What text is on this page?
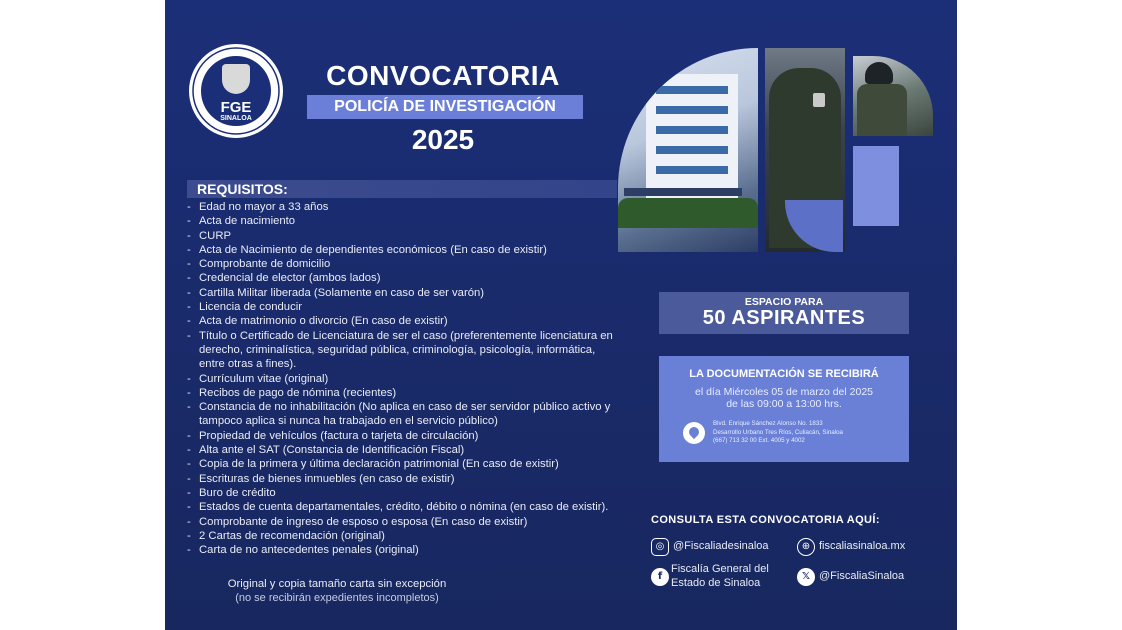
FGE
SINALOA
CONVOCATORIA
POLICÍA DE INVESTIGACIÓN
2025
REQUISITOS:
- Edad no mayor a 33 años
- Acta de nacimiento
- CURP
- Acta de Nacimiento de dependientes económicos (En caso de existir)
- Comprobante de domicilio
- Credencial de elector (ambos lados)
- Cartilla Militar liberada (Solamente en caso de ser varón)
- Licencia de conducir
- Acta de matrimonio o divorcio (En caso de existir)
- Título o Certificado de Licenciatura de ser el caso (preferentemente licenciatura en derecho, criminalística, seguridad pública, criminología, psicología, informática, entre otras a fines).
- Currículum vitae (original)
- Recibos de pago de nómina (recientes)
- Constancia de no inhabilitación (No aplica en caso de ser servidor público activo y tampoco aplica si nunca ha trabajado en el servicio público)
- Propiedad de vehículos (factura o tarjeta de circulación)
- Alta ante el SAT (Constancia de Identificación Fiscal)
- Copia de la primera y última declaración patrimonial (En caso de existir)
- Escrituras de bienes inmuebles (en caso de existir)
- Buro de crédito
- Estados de cuenta departamentales, crédito, débito o nómina (en caso de existir).
- Comprobante de ingreso de esposo o esposa (En caso de existir)
- 2 Cartas de recomendación (original)
- Carta de no antecedentes penales (original)
Original y copia tamaño carta sin excepción
(no se recibirán expedientes incompletos)
ESPACIO PARA
50 ASPIRANTES
LA DOCUMENTACIÓN SE RECIBIRÁ
el día Miércoles 05 de marzo del 2025
de las 09:00 a 13:00 hrs.
Blvd. Enrique Sánchez Alonso No. 1833
Desarrollo Urbano Tres Ríos, Culiacán, Sinaloa
(667) 713 32 00 Ext. 4005 y 4002
CONSULTA ESTA CONVOCATORIA AQUÍ:
◎ @Fiscaliadesinaloa	⊕ fiscaliasinaloa.mx
f
Fiscalía General del
Estado de Sinaloa
𝕏 @FiscaliaSinaloa
